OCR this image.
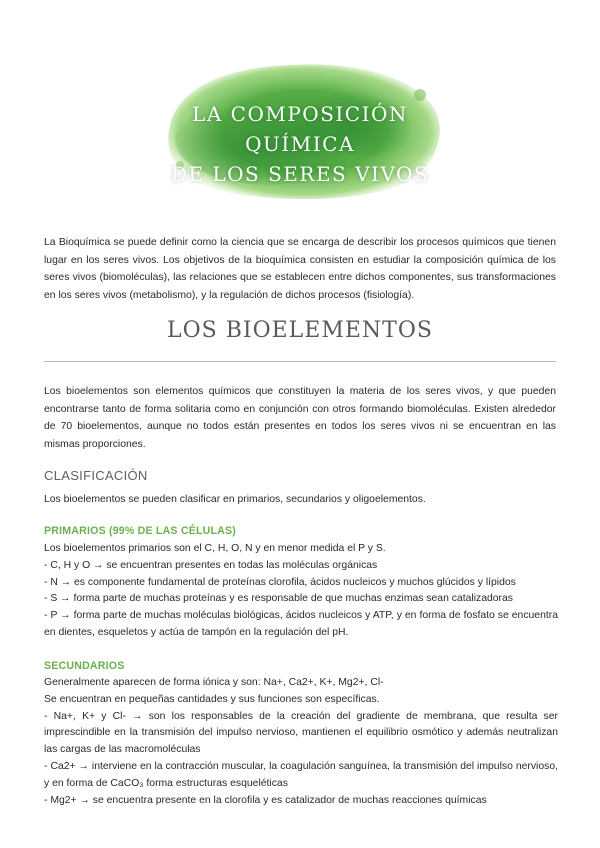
LA COMPOSICIÓN QUÍMICA
DE LOS SERES VIVOS
La Bioquímica se puede definir como la ciencia que se encarga de describir los procesos químicos que tienen lugar en los seres vivos. Los objetivos de la bioquímica consisten en estudiar la composición química de los seres vivos (biomoléculas), las relaciones que se establecen entre dichos componentes, sus transformaciones en los seres vivos (metabolismo), y la regulación de dichos procesos (fisiología).
LOS BIOELEMENTOS
Los bioelementos son elementos químicos que constituyen la materia de los seres vivos, y que pueden encontrarse tanto de forma solitaria como en conjunción con otros formando biomoléculas. Existen alrededor de 70 bioelementos, aunque no todos están presentes en todos los seres vivos ni se encuentran en las mismas proporciones.
CLASIFICACIÓN
Los bioelementos se pueden clasificar en primarios, secundarios y oligoelementos.
PRIMARIOS (99% DE LAS CÉLULAS)
Los bioelementos primarios son el C, H, O, N y en menor medida el P y S.
- C, H y O → se encuentran presentes en todas las moléculas orgánicas
- N → es componente fundamental de proteínas clorofila, ácidos nucleicos y muchos glúcidos y lípidos
- S → forma parte de muchas proteínas y es responsable de que muchas enzimas sean catalizadoras
- P → forma parte de muchas moléculas biológicas, ácidos nucleicos y ATP, y en forma de fosfato se encuentra en dientes, esqueletos y actúa de tampón en la regulación del pH.
SECUNDARIOS
Generalmente aparecen de forma iónica y son: Na+, Ca2+, K+, Mg2+, Cl-
Se encuentran en pequeñas cantidades y sus funciones son específicas.
- Na+, K+ y Cl- → son los responsables de la creación del gradiente de membrana, que resulta ser imprescindible en la transmisión del impulso nervioso, mantienen el equilibrio osmótico y además neutralizan las cargas de las macromoléculas
- Ca2+ → interviene en la contracción muscular, la coagulación sanguínea, la transmisión del impulso nervioso, y en forma de CaCO₃ forma estructuras esqueléticas
- Mg2+ → se encuentra presente en la clorofila y es catalizador de muchas reacciones químicas
